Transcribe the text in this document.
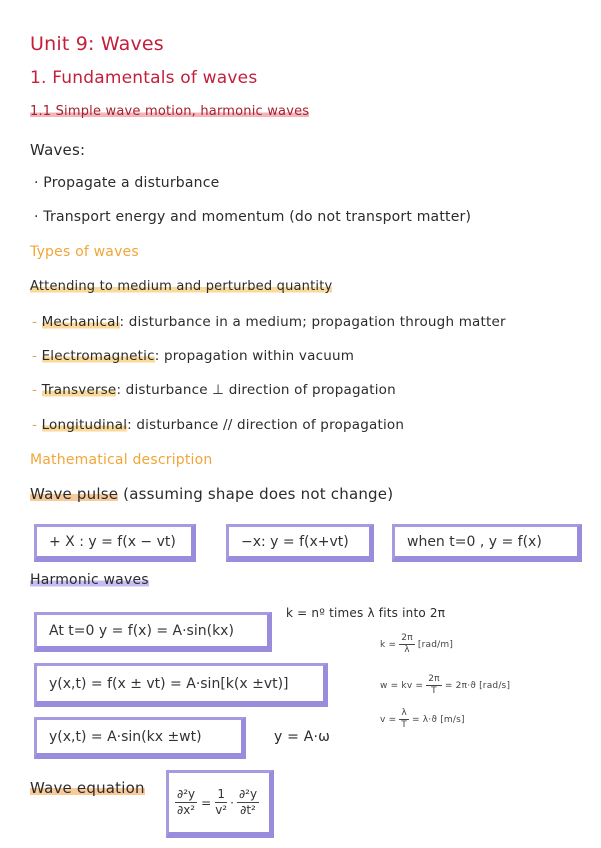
Unit 9: Waves
1. Fundamentals of waves
1.1 Simple wave motion, harmonic waves
Waves:
· Propagate a disturbance
· Transport energy and momentum (do not transport matter)
Types of waves
Attending to medium and perturbed quantity
- Mechanical: disturbance in a medium; propagation through matter
- Electromagnetic: propagation within vacuum
- Transverse: disturbance ⊥ direction of propagation
- Longitudinal: disturbance // direction of propagation
Mathematical description
Wave pulse (assuming shape does not change)
+ X : y = f(x − vt)	−x: y = f(x+vt)	when t=0 , y = f(x)
Harmonic waves
At t=0 y = f(x) = A·sin(kx)
y(x,t) = f(x ± vt) = A·sin[k(x ±vt)]
y(x,t) = A·sin(kx ±wt)
k = nº times λ fits into 2π
$k = \frac{2\pi}{\lambda} [rad/m]$
w = kv = $\frac{2\pi}{T} = 2\pi\cdot ϑ$ [rad/s]
$v = \frac{\lambda}{T} = \lambda\cdot ϑ$ [m/s]
y = A·ω
Wave equation	$\frac{\text{∂²y}}{\text{∂x²}} = \frac{1}{\text{v²}} \cdot \frac{\text{∂²y}}{\text{∂t²}}$
